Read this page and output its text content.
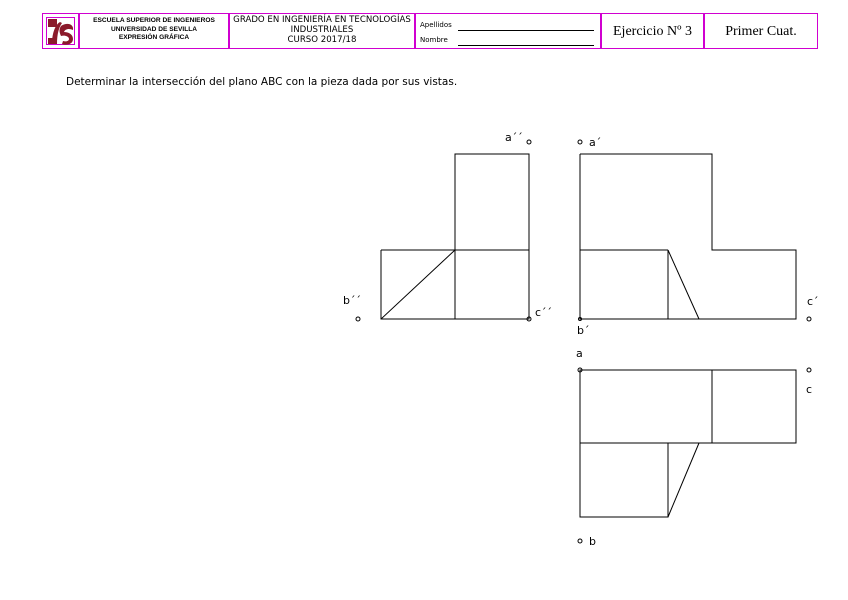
ESCUELA SUPERIOR DE INGENIEROS
UNIVERSIDAD DE SEVILLA
EXPRESIÓN GRÁFICA
GRADO EN INGENIERÍA EN TECNOLOGÍAS
INDUSTRIALES
CURSO 2017/18
Apellidos
Nombre
Ejercicio Nº 3	Primer Cuat.
Determinar la intersección del plano ABC con la pieza dada por sus vistas.
a´´
b´´
c´´
a´
b´
c´
a
b
c
